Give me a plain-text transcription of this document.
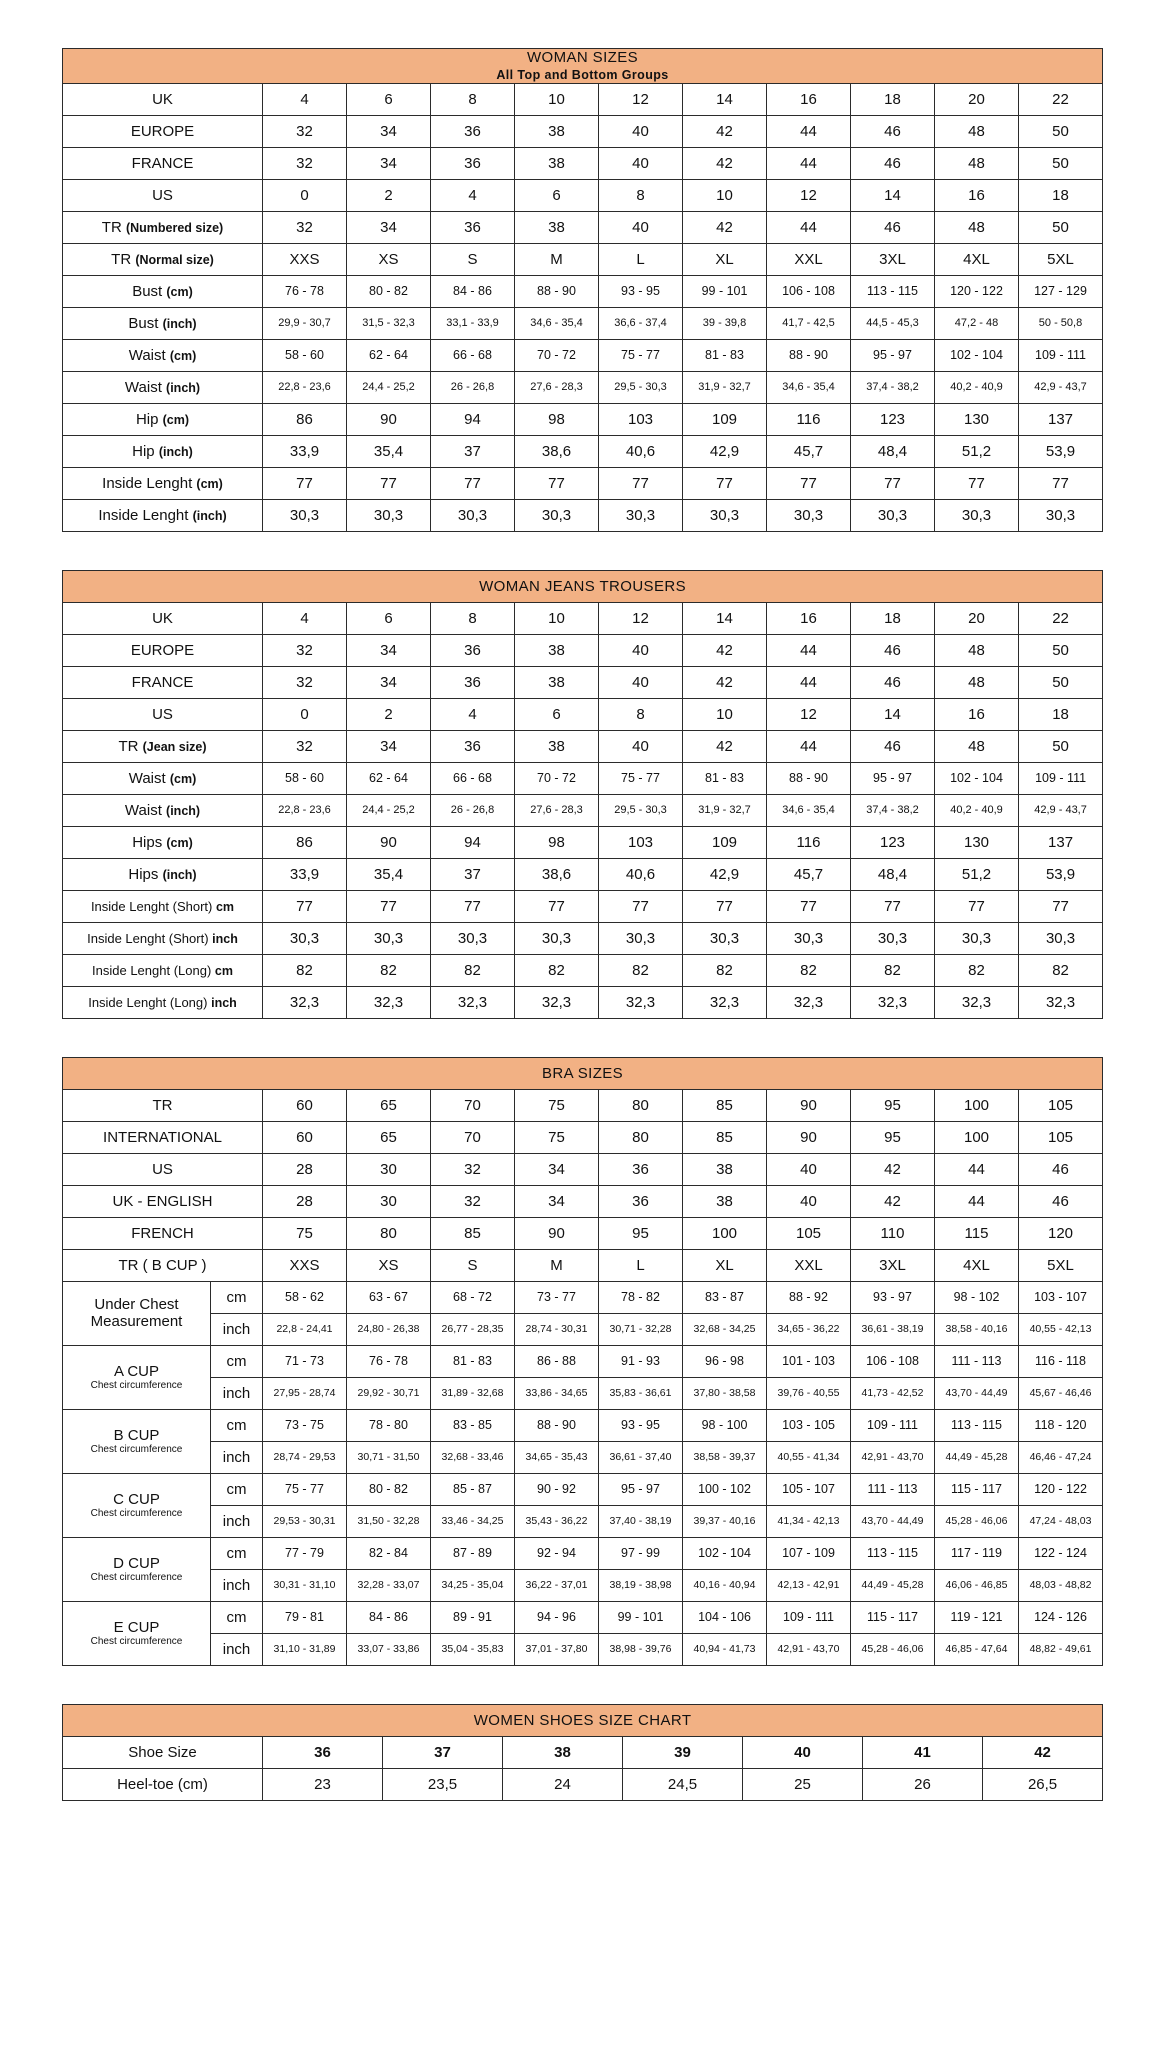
WOMAN SIZES
All Top and Bottom Groups										

UK	4	6	8	10	12	14	16	18	20	22
EUROPE	32	34	36	38	40	42	44	46	48	50
FRANCE	32	34	36	38	40	42	44	46	48	50
US	0	2	4	6	8	10	12	14	16	18
TR (Numbered size)	32	34	36	38	40	42	44	46	48	50
TR (Normal size)	XXS	XS	S	M	L	XL	XXL	3XL	4XL	5XL
Bust (cm)	76 - 78	80 - 82	84 - 86	88 - 90	93 - 95	99 - 101	106 - 108	113 - 115	120 - 122	127 - 129
Bust (inch)	29,9 - 30,7	31,5 - 32,3	33,1 - 33,9	34,6 - 35,4	36,6 - 37,4	39 - 39,8	41,7 - 42,5	44,5 - 45,3	47,2 - 48	50 - 50,8
Waist (cm)	58 - 60	62 - 64	66 - 68	70 - 72	75 - 77	81 - 83	88 - 90	95 - 97	102 - 104	109 - 111
Waist (inch)	22,8 - 23,6	24,4 - 25,2	26 - 26,8	27,6 - 28,3	29,5 - 30,3	31,9 - 32,7	34,6 - 35,4	37,4 - 38,2	40,2 - 40,9	42,9 - 43,7
Hip (cm)	86	90	94	98	103	109	116	123	130	137
Hip (inch)	33,9	35,4	37	38,6	40,6	42,9	45,7	48,4	51,2	53,9
Inside Lenght (cm)	77	77	77	77	77	77	77	77	77	77
Inside Lenght (inch)	30,3	30,3	30,3	30,3	30,3	30,3	30,3	30,3	30,3	30,3
WOMAN JEANS TROUSERS										
UK	4	6	8	10	12	14	16	18	20	22
EUROPE	32	34	36	38	40	42	44	46	48	50
FRANCE	32	34	36	38	40	42	44	46	48	50
US	0	2	4	6	8	10	12	14	16	18
TR (Jean size)	32	34	36	38	40	42	44	46	48	50
Waist (cm)	58 - 60	62 - 64	66 - 68	70 - 72	75 - 77	81 - 83	88 - 90	95 - 97	102 - 104	109 - 111
Waist (inch)	22,8 - 23,6	24,4 - 25,2	26 - 26,8	27,6 - 28,3	29,5 - 30,3	31,9 - 32,7	34,6 - 35,4	37,4 - 38,2	40,2 - 40,9	42,9 - 43,7
Hips (cm)	86	90	94	98	103	109	116	123	130	137
Hips (inch)	33,9	35,4	37	38,6	40,6	42,9	45,7	48,4	51,2	53,9
Inside Lenght (Short) cm	77	77	77	77	77	77	77	77	77	77
Inside Lenght (Short) inch	30,3	30,3	30,3	30,3	30,3	30,3	30,3	30,3	30,3	30,3
Inside Lenght (Long) cm	82	82	82	82	82	82	82	82	82	82
Inside Lenght (Long) inch	32,3	32,3	32,3	32,3	32,3	32,3	32,3	32,3	32,3	32,3
BRA SIZES											
TR		60	65	70	75	80	85	90	95	100	105
INTERNATIONAL		60	65	70	75	80	85	90	95	100	105
US		28	30	32	34	36	38	40	42	44	46
UK - ENGLISH		28	30	32	34	36	38	40	42	44	46
FRENCH		75	80	85	90	95	100	105	110	115	120
TR ( B CUP )		XXS	XS	S	M	L	XL	XXL	3XL	4XL	5XL
Under Chest Measurement	cm	58 - 62	63 - 67	68 - 72	73 - 77	78 - 82	83 - 87	88 - 92	93 - 97	98 - 102	103 - 107
	inch	22,8 - 24,41	24,80 - 26,38	26,77 - 28,35	28,74 - 30,31	30,71 - 32,28	32,68 - 34,25	34,65 - 36,22	36,61 - 38,19	38,58 - 40,16	40,55 - 42,13
A CUP
Chest circumference	cm	71 - 73	76 - 78	81 - 83	86 - 88	91 - 93	96 - 98	101 - 103	106 - 108	111 - 113	116 - 118
	inch	27,95 - 28,74	29,92 - 30,71	31,89 - 32,68	33,86 - 34,65	35,83 - 36,61	37,80 - 38,58	39,76 - 40,55	41,73 - 42,52	43,70 - 44,49	45,67 - 46,46
B CUP
Chest circumference	cm	73 - 75	78 - 80	83 - 85	88 - 90	93 - 95	98 - 100	103 - 105	109 - 111	113 - 115	118 - 120
	inch	28,74 - 29,53	30,71 - 31,50	32,68 - 33,46	34,65 - 35,43	36,61 - 37,40	38,58 - 39,37	40,55 - 41,34	42,91 - 43,70	44,49 - 45,28	46,46 - 47,24
C CUP
Chest circumference	cm	75 - 77	80 - 82	85 - 87	90 - 92	95 - 97	100 - 102	105 - 107	111 - 113	115 - 117	120 - 122
	inch	29,53 - 30,31	31,50 - 32,28	33,46 - 34,25	35,43 - 36,22	37,40 - 38,19	39,37 - 40,16	41,34 - 42,13	43,70 - 44,49	45,28 - 46,06	47,24 - 48,03
D CUP
Chest circumference	cm	77 - 79	82 - 84	87 - 89	92 - 94	97 - 99	102 - 104	107 - 109	113 - 115	117 - 119	122 - 124
	inch	30,31 - 31,10	32,28 - 33,07	34,25 - 35,04	36,22 - 37,01	38,19 - 38,98	40,16 - 40,94	42,13 - 42,91	44,49 - 45,28	46,06 - 46,85	48,03 - 48,82
E CUP
Chest circumference	cm	79 - 81	84 - 86	89 - 91	94 - 96	99 - 101	104 - 106	109 - 111	115 - 117	119 - 121	124 - 126
	inch	31,10 - 31,89	33,07 - 33,86	35,04 - 35,83	37,01 - 37,80	38,98 - 39,76	40,94 - 41,73	42,91 - 43,70	45,28 - 46,06	46,85 - 47,64	48,82 - 49,61
WOMEN SHOES SIZE CHART							
Shoe Size	36	37	38	39	40	41	42
Heel-toe (cm)	23	23,5	24	24,5	25	26	26,5
